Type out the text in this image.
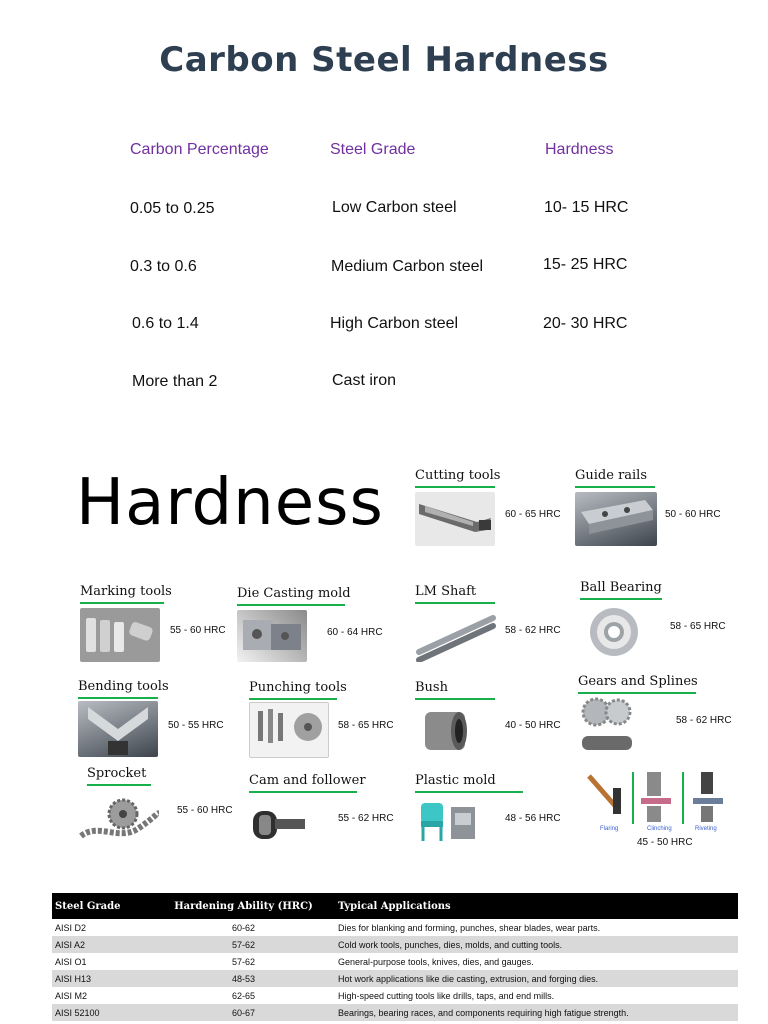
Carbon Steel Hardness
Carbon Percentage	Steel Grade	Hardness
0.05 to 0.25	Low Carbon steel	10- 15 HRC
0.3 to 0.6	Medium Carbon steel	15- 25 HRC
0.6 to 1.4	High Carbon steel	20- 30 HRC
More than 2	Cast iron
Hardness Cutting tools
60 - 65 HRC
Guide rails
50 - 60 HRC
Marking tools
55 - 60 HRC
Die Casting mold
60 - 64 HRC
LM Shaft
58 - 62 HRC
Ball Bearing
58 - 65 HRC
Bending tools
50 - 55 HRC
Punching tools
58 - 65 HRC
Bush
40 - 50 HRC
Gears and Splines
58 - 62 HRC
Sprocket
55 - 60 HRC
Cam and follower
55 - 62 HRC
Plastic mold
48 - 56 HRC
Flaring	Clinching	Riveting
45 - 50 HRC
Steel Grade	Hardening Ability (HRC)	Typical Applications
AISI D2	60-62	Dies for blanking and forming, punches, shear blades, wear parts.
AISI A2	57-62	Cold work tools, punches, dies, molds, and cutting tools.
AISI O1	57-62	General-purpose tools, knives, dies, and gauges.
AISI H13	48-53	Hot work applications like die casting, extrusion, and forging dies.
AISI M2	62-65	High-speed cutting tools like drills, taps, and end mills.
AISI 52100	60-67	Bearings, bearing races, and components requiring high fatigue strength.
